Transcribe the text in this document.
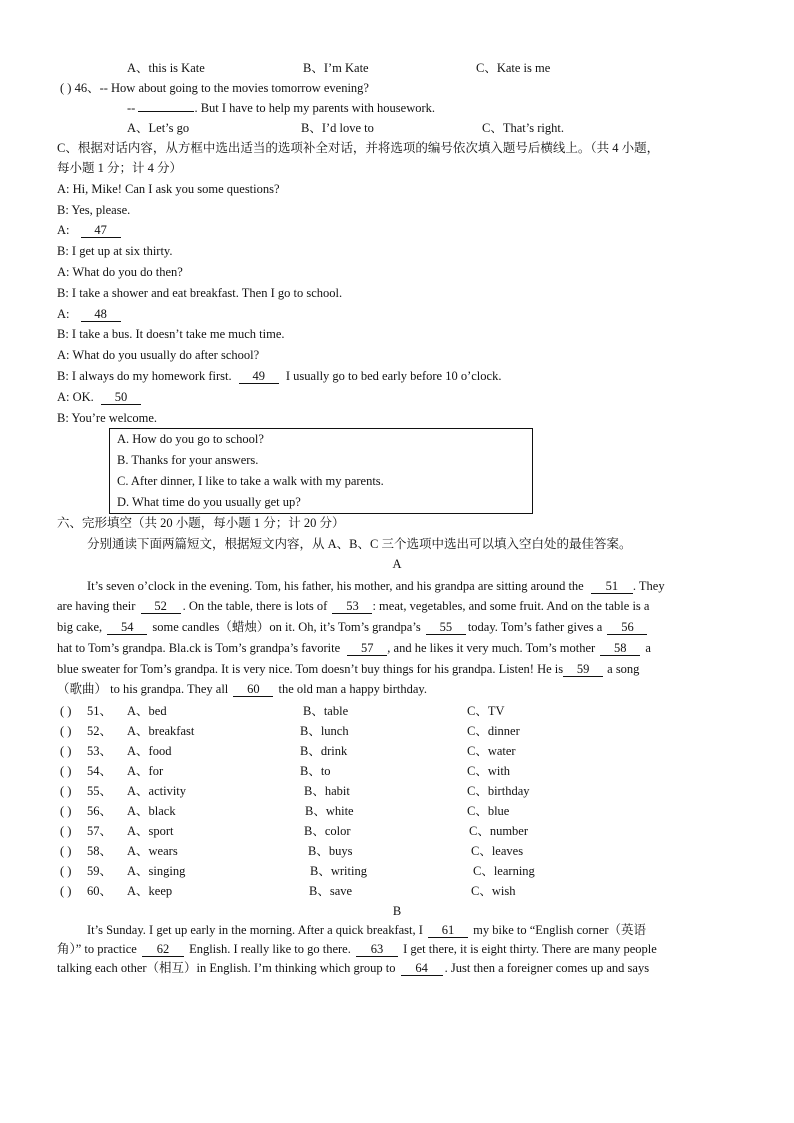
A、this is Kate	B、I’m Kate	C、Kate is me
( ) 46、-- How about going to the movies tomorrow evening?
--	. But I have to help my parents with housework.
A、Let’s go	B、I’d love to	C、That’s right.
C、根据对话内容，从方框中选出适当的选项补全对话，并将选项的编号依次填入题号后横线上。（共 4 小题，
每小题 1 分；计 4 分）
A: Hi, Mike! Can I ask you some questions?
B: Yes, please.
A: 47
B: I get up at six thirty.
A: What do you do then?
B: I take a shower and eat breakfast. Then I go to school.
A: 48
B: I take a bus. It doesn’t take me much time.
A: What do you usually do after school?
B: I always do my homework first. 49 I usually go to bed early before 10 o’clock.
A: OK. 50
B: You’re welcome.
A. How do you go to school?
B. Thanks for your answers.
C. After dinner, I like to take a walk with my parents.
D. What time do you usually get up?
六、完形填空（共 20 小题，每小题 1 分；计 20 分）
分别通读下面两篇短文，根据短文内容，从 A、B、C 三个选项中选出可以填入空白处的最佳答案。
A
It’s seven o’clock in the evening. Tom, his father, his mother, and his grandpa are sitting around the 51 . They
are having their 52 . On the table, there is lots of 53 : meat, vegetables, and some fruit. And on the table is a
big cake, 54 some candles（蜡烛）on it. Oh, it’s Tom’s grandpa’s 55 today. Tom’s father gives a 56
hat to Tom’s grandpa. Bla.ck is Tom’s grandpa’s favorite 57 , and he likes it very much. Tom’s mother 58 a
blue sweater for Tom’s grandpa. It is very nice. Tom doesn’t buy things for his grandpa. Listen! He is 59 a song
（歌曲） to his grandpa. They all 60 the old man a happy birthday.
( ) 51、 A、bed	B、table	C、TV
( ) 52、 A、breakfast	B、lunch	C、dinner
( ) 53、 A、food	B、drink	C、water
( ) 54、 A、for	B、to	C、with
( ) 55、 A、activity	B、habit	C、birthday
( ) 56、 A、black	B、white	C、blue
( ) 57、 A、sport	B、color	C、number
( ) 58、 A、wears	B、buys	C、leaves
( ) 59、 A、singing	B、writing	C、learning
( ) 60、 A、keep	B、save	C、wish
B
It’s Sunday. I get up early in the morning. After a quick breakfast, I 61 my bike to “English corner（英语
角）” to practice 62 English. I really like to go there. 63 I get there, it is eight thirty. There are many people
talking each other（相互）in English. I’m thinking which group to 64 . Just then a foreigner comes up and says
